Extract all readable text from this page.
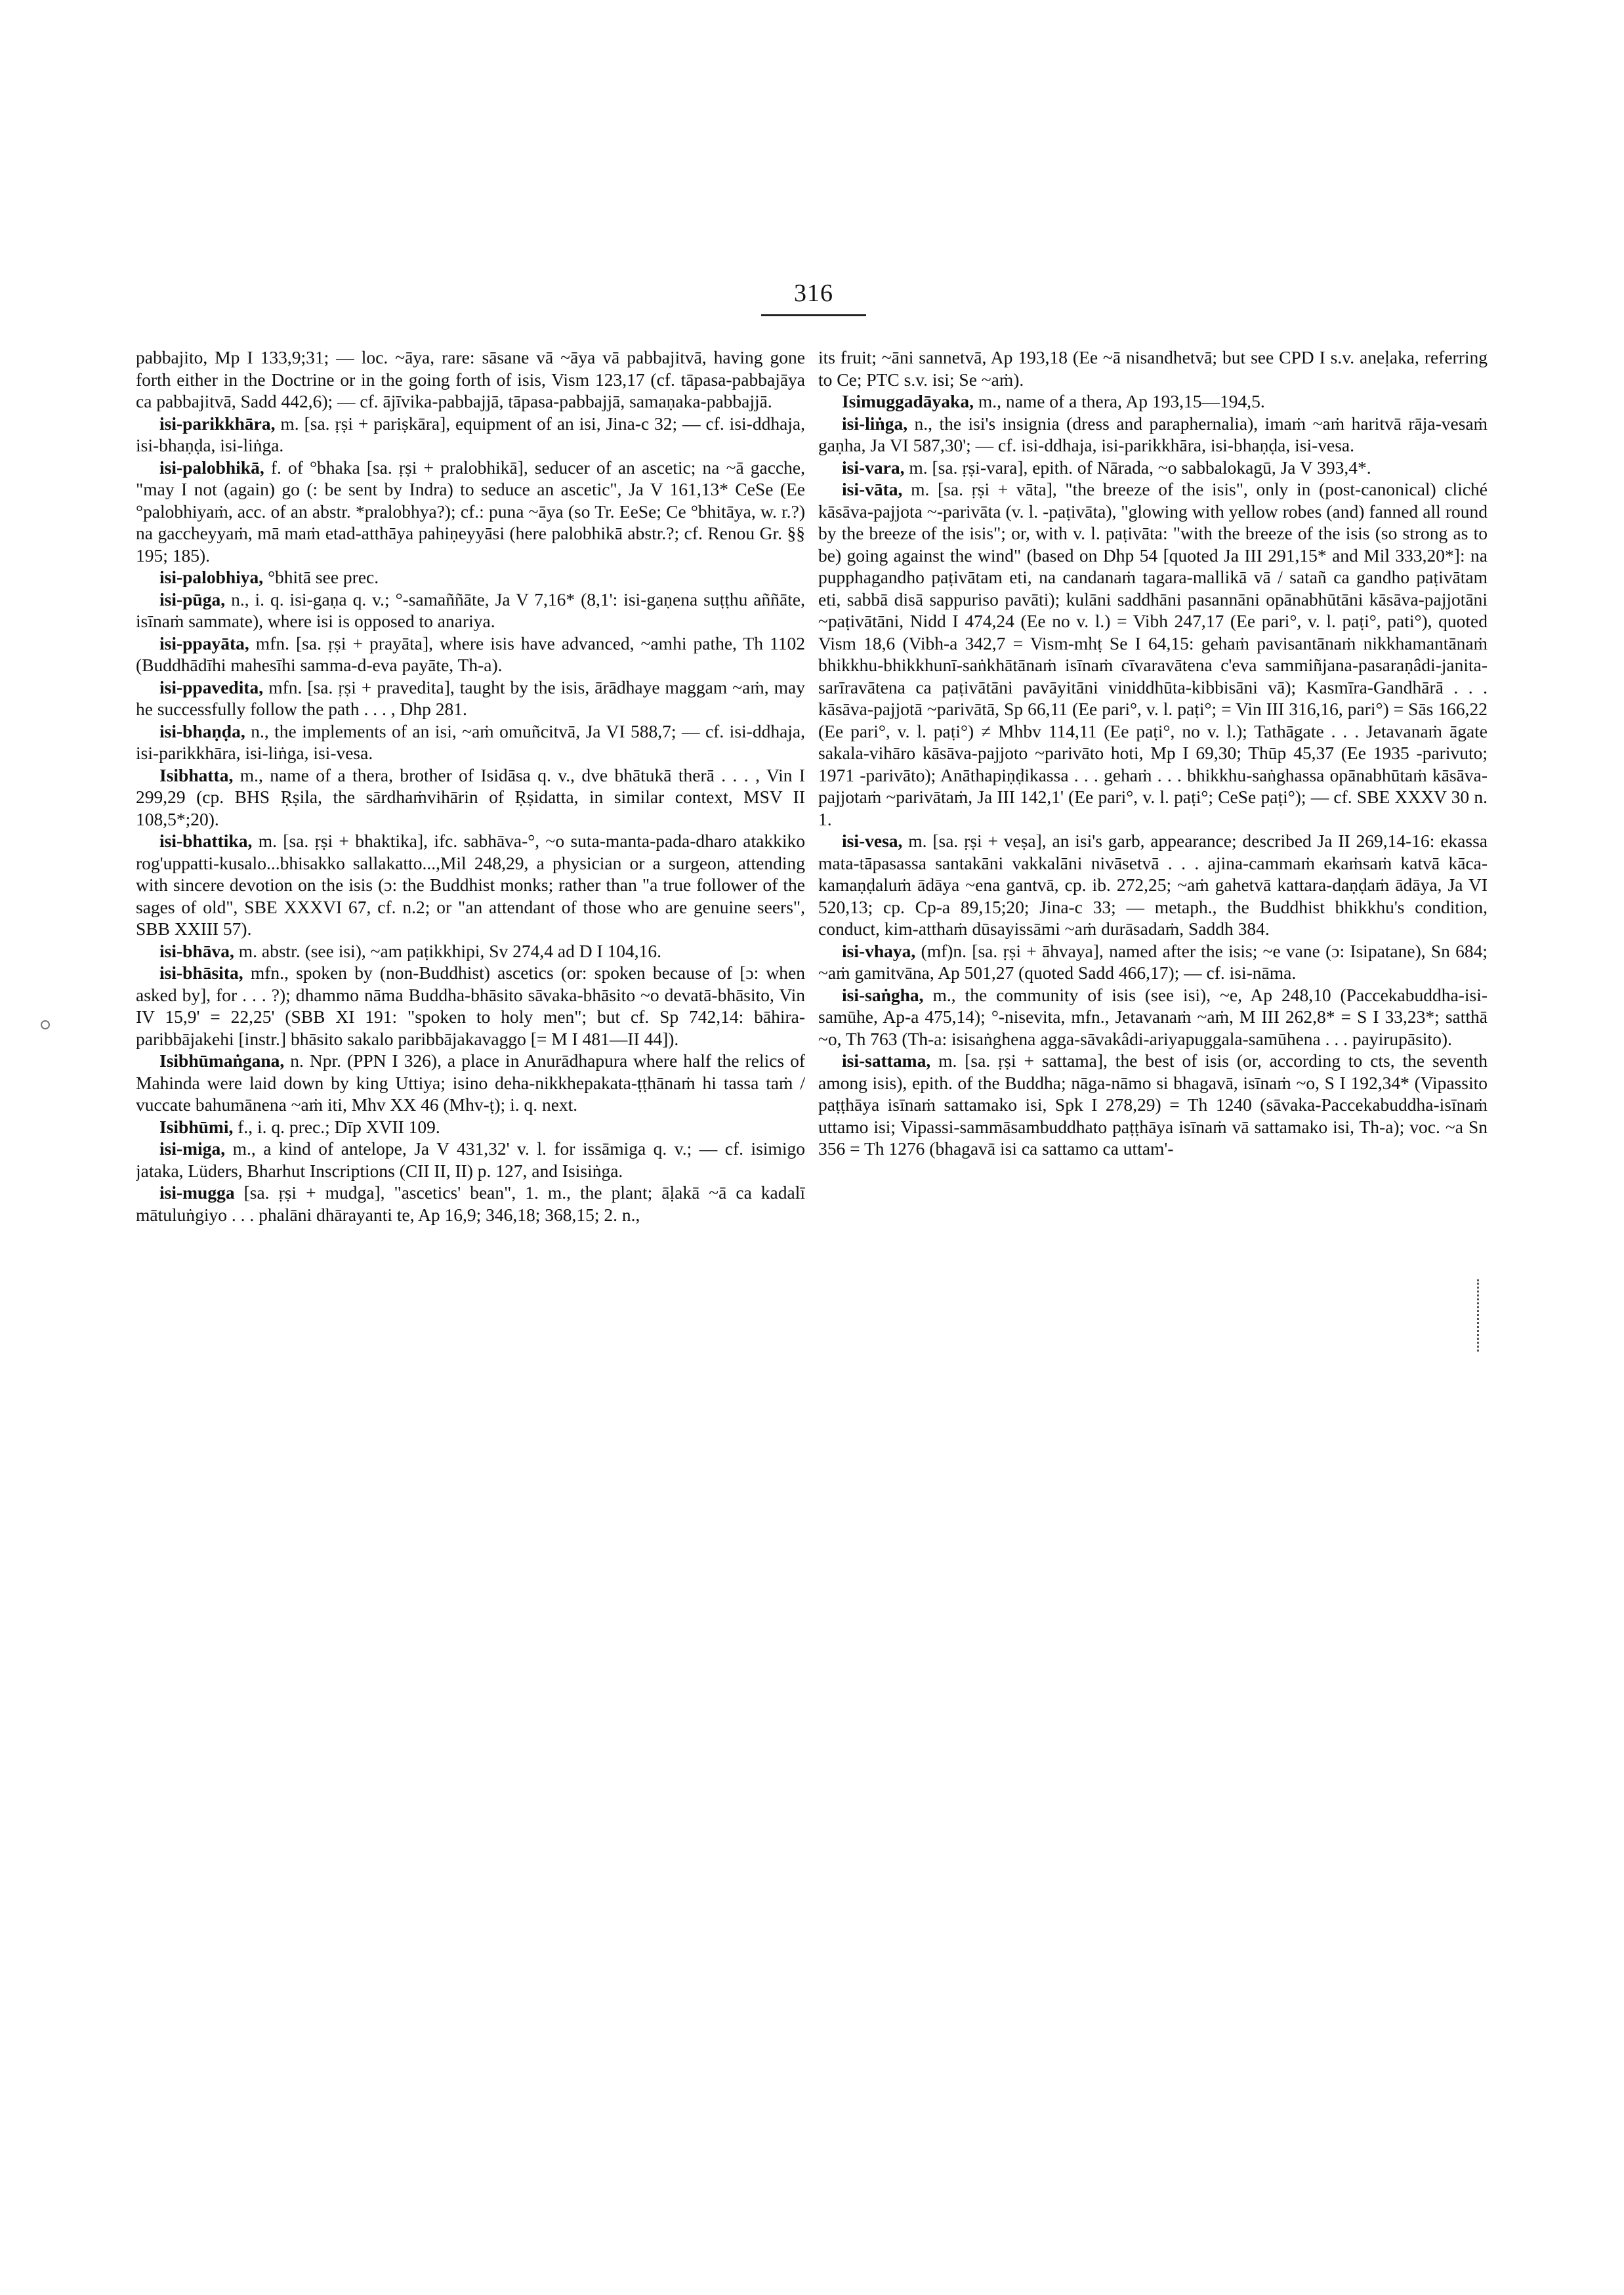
316

pabbajito, Mp I 133,9;31; — loc. ~āya, rare: sāsane vā ~āya vā pabbajitvā, having gone forth either in the Doctrine or in the going forth of isis, Vism 123,17 (cf. tāpasa-pabbajāya ca pabbajitvā, Sadd 442,6); — cf. ājīvika-pabbajjā, tāpasa-pabbajjā, samaṇaka-pabbajjā.

isi-parikkhāra, m. [sa. ṛṣi + pariṣkāra], equipment of an isi, Jina-c 32; — cf. isi-ddhaja, isi-bhaṇḍa, isi-liṅga.

isi-palobhikā, f. of °bhaka [sa. ṛṣi + pralobhikā], seducer of an ascetic; na ~ā gacche, "may I not (again) go (: be sent by Indra) to seduce an ascetic", Ja V 161,13* CeSe (Ee °palobhiyaṁ, acc. of an abstr. *pralobhya?); cf.: puna ~āya (so Tr. EeSe; Ce °bhitāya, w. r.?) na gaccheyyaṁ, mā maṁ etad-atthāya pahiṇeyyāsi (here palobhikā abstr.?; cf. Renou Gr. §§ 195; 185).

isi-palobhiya, °bhitā see prec.

isi-pūga, n., i. q. isi-gaṇa q. v.; °-samaññāte, Ja V 7,16* (8,1': isi-gaṇena suṭṭhu aññāte, isīnaṁ sammate), where isi is opposed to anariya.

isi-ppayāta, mfn. [sa. ṛṣi + prayāta], where isis have advanced, ~amhi pathe, Th 1102 (Buddhādīhi mahesīhi samma-d-eva payāte, Th-a).

isi-ppavedita, mfn. [sa. ṛṣi + pravedita], taught by the isis, ārādhaye maggam ~aṁ, may he successfully follow the path . . . , Dhp 281.

isi-bhaṇḍa, n., the implements of an isi, ~aṁ omuñcitvā, Ja VI 588,7; — cf. isi-ddhaja, isi-parikkhāra, isi-liṅga, isi-vesa.

Isibhatta, m., name of a thera, brother of Isidāsa q. v., dve bhātukā therā . . . , Vin I 299,29 (cp. BHS Ṛṣila, the sārdhaṁvihārin of Ṛṣidatta, in similar context, MSV II 108,5*;20).

isi-bhattika, m. [sa. ṛṣi + bhaktika], ifc. sabhāva-°, ~o suta-manta-pada-dharo atakkiko rog'uppatti-kusalo...bhisakko sallakatto...,Mil 248,29, a physician or a surgeon, attending with sincere devotion on the isis (ɔ: the Buddhist monks; rather than "a true follower of the sages of old", SBE XXXVI 67, cf. n.2; or "an attendant of those who are genuine seers", SBB XXIII 57).

isi-bhāva, m. abstr. (see isi), ~am paṭikkhipi, Sv 274,4 ad D I 104,16.

isi-bhāsita, mfn., spoken by (non-Buddhist) ascetics (or: spoken because of [ɔ: when asked by], for . . . ?); dhammo nāma Buddha-bhāsito sāvaka-bhāsito ~o devatā-bhāsito, Vin IV 15,9' = 22,25' (SBB XI 191: "spoken to holy men"; but cf. Sp 742,14: bāhira-paribbājakehi [instr.] bhāsito sakalo paribbājakavaggo [= M I 481—II 44]).

Isibhūmaṅgana, n. Npr. (PPN I 326), a place in Anurādhapura where half the relics of Mahinda were laid down by king Uttiya; isino deha-nikkhepakata-ṭṭhānaṁ hi tassa taṁ / vuccate bahumānena ~aṁ iti, Mhv XX 46 (Mhv-ṭ); i. q. next.

Isibhūmi, f., i. q. prec.; Dīp XVII 109.

isi-miga, m., a kind of antelope, Ja V 431,32' v. l. for issāmiga q. v.; — cf. isimigo jataka, Lüders, Bharhut Inscriptions (CII II, II) p. 127, and Isisiṅga.

isi-mugga [sa. ṛṣi + mudga], "ascetics' bean", 1. m., the plant; āḷakā ~ā ca kadalī mātuluṅgiyo . . . phalāni dhārayanti te, Ap 16,9; 346,18; 368,15; 2. n.,

its fruit; ~āni sannetvā, Ap 193,18 (Ee ~ā nisandhetvā; but see CPD I s.v. aneḷaka, referring to Ce; PTC s.v. isi; Se ~aṁ).

Isimuggadāyaka, m., name of a thera, Ap 193,15—194,5.

isi-liṅga, n., the isi's insignia (dress and paraphernalia), imaṁ ~aṁ haritvā rāja-vesaṁ gaṇha, Ja VI 587,30'; — cf. isi-ddhaja, isi-parikkhāra, isi-bhaṇḍa, isi-vesa.

isi-vara, m. [sa. ṛṣi-vara], epith. of Nārada, ~o sabbalokagū, Ja V 393,4*.

isi-vāta, m. [sa. ṛṣi + vāta], "the breeze of the isis", only in (post-canonical) cliché kāsāva-pajjota ~-parivāta (v. l. -paṭivāta), "glowing with yellow robes (and) fanned all round by the breeze of the isis"; or, with v. l. paṭivāta: "with the breeze of the isis (so strong as to be) going against the wind" (based on Dhp 54 [quoted Ja III 291,15* and Mil 333,20*]: na pupphagandho paṭivātam eti, na candanaṁ tagara-mallikā vā / satañ ca gandho paṭivātam eti, sabbā disā sappuriso pavāti); kulāni saddhāni pasannāni opānabhūtāni kāsāva-pajjotāni ~paṭivātāni, Nidd I 474,24 (Ee no v. l.) = Vibh 247,17 (Ee pari°, v. l. paṭi°, pati°), quoted Vism 18,6 (Vibh-a 342,7 = Vism-mhṭ Se I 64,15: gehaṁ pavisantānaṁ nikkhamantānaṁ bhikkhu-bhikkhunī-saṅkhātānaṁ isīnaṁ cīvaravātena c'eva sammiñjana-pasaraṇâdi-janita-sarīravātena ca paṭivātāni pavāyitāni viniddhūta-kibbisāni vā); Kasmīra-Gandhārā . . . kāsāva-pajjotā ~parivātā, Sp 66,11 (Ee pari°, v. l. paṭi°; = Vin III 316,16, pari°) = Sās 166,22 (Ee pari°, v. l. paṭi°) ≠ Mhbv 114,11 (Ee paṭi°, no v. l.); Tathāgate . . . Jetavanaṁ āgate sakala-vihāro kāsāva-pajjoto ~parivāto hoti, Mp I 69,30; Thūp 45,37 (Ee 1935 -parivuto; 1971 -parivāto); Anāthapiṇḍikassa . . . gehaṁ . . . bhikkhu-saṅghassa opānabhūtaṁ kāsāva-pajjotaṁ ~parivātaṁ, Ja III 142,1' (Ee pari°, v. l. paṭi°; CeSe paṭi°); — cf. SBE XXXV 30 n. 1.

isi-vesa, m. [sa. ṛṣi + veṣa], an isi's garb, appearance; described Ja II 269,14-16: ekassa mata-tāpasassa santakāni vakkalāni nivāsetvā . . . ajina-cammaṁ ekaṁsaṁ katvā kāca-kamaṇḍaluṁ ādāya ~ena gantvā, cp. ib. 272,25; ~aṁ gahetvā kattara-daṇḍaṁ ādāya, Ja VI 520,13; cp. Cp-a 89,15;20; Jina-c 33; — metaph., the Buddhist bhikkhu's condition, conduct, kim-atthaṁ dūsayissāmi ~aṁ durāsadaṁ, Saddh 384.

isi-vhaya, (mf)n. [sa. ṛṣi + āhvaya], named after the isis; ~e vane (ɔ: Isipatane), Sn 684; ~aṁ gamitvāna, Ap 501,27 (quoted Sadd 466,17); — cf. isi-nāma.

isi-saṅgha, m., the community of isis (see isi), ~e, Ap 248,10 (Paccekabuddha-isi-samūhe, Ap-a 475,14); °-nisevita, mfn., Jetavanaṁ ~aṁ, M III 262,8* = S I 33,23*; satthā ~o, Th 763 (Th-a: isisaṅghena agga-sāvakâdi-ariyapuggala-samūhena . . . payirupāsito).

isi-sattama, m. [sa. ṛṣi + sattama], the best of isis (or, according to cts, the seventh among isis), epith. of the Buddha; nāga-nāmo si bhagavā, isīnaṁ ~o, S I 192,34* (Vipassito paṭṭhāya isīnaṁ sattamako isi, Spk I 278,29) = Th 1240 (sāvaka-Paccekabuddha-isīnaṁ uttamo isi; Vipassi-sammāsambuddhato paṭṭhāya isīnaṁ vā sattamako isi, Th-a); voc. ~a Sn 356 = Th 1276 (bhagavā isi ca sattamo ca uttam'-
